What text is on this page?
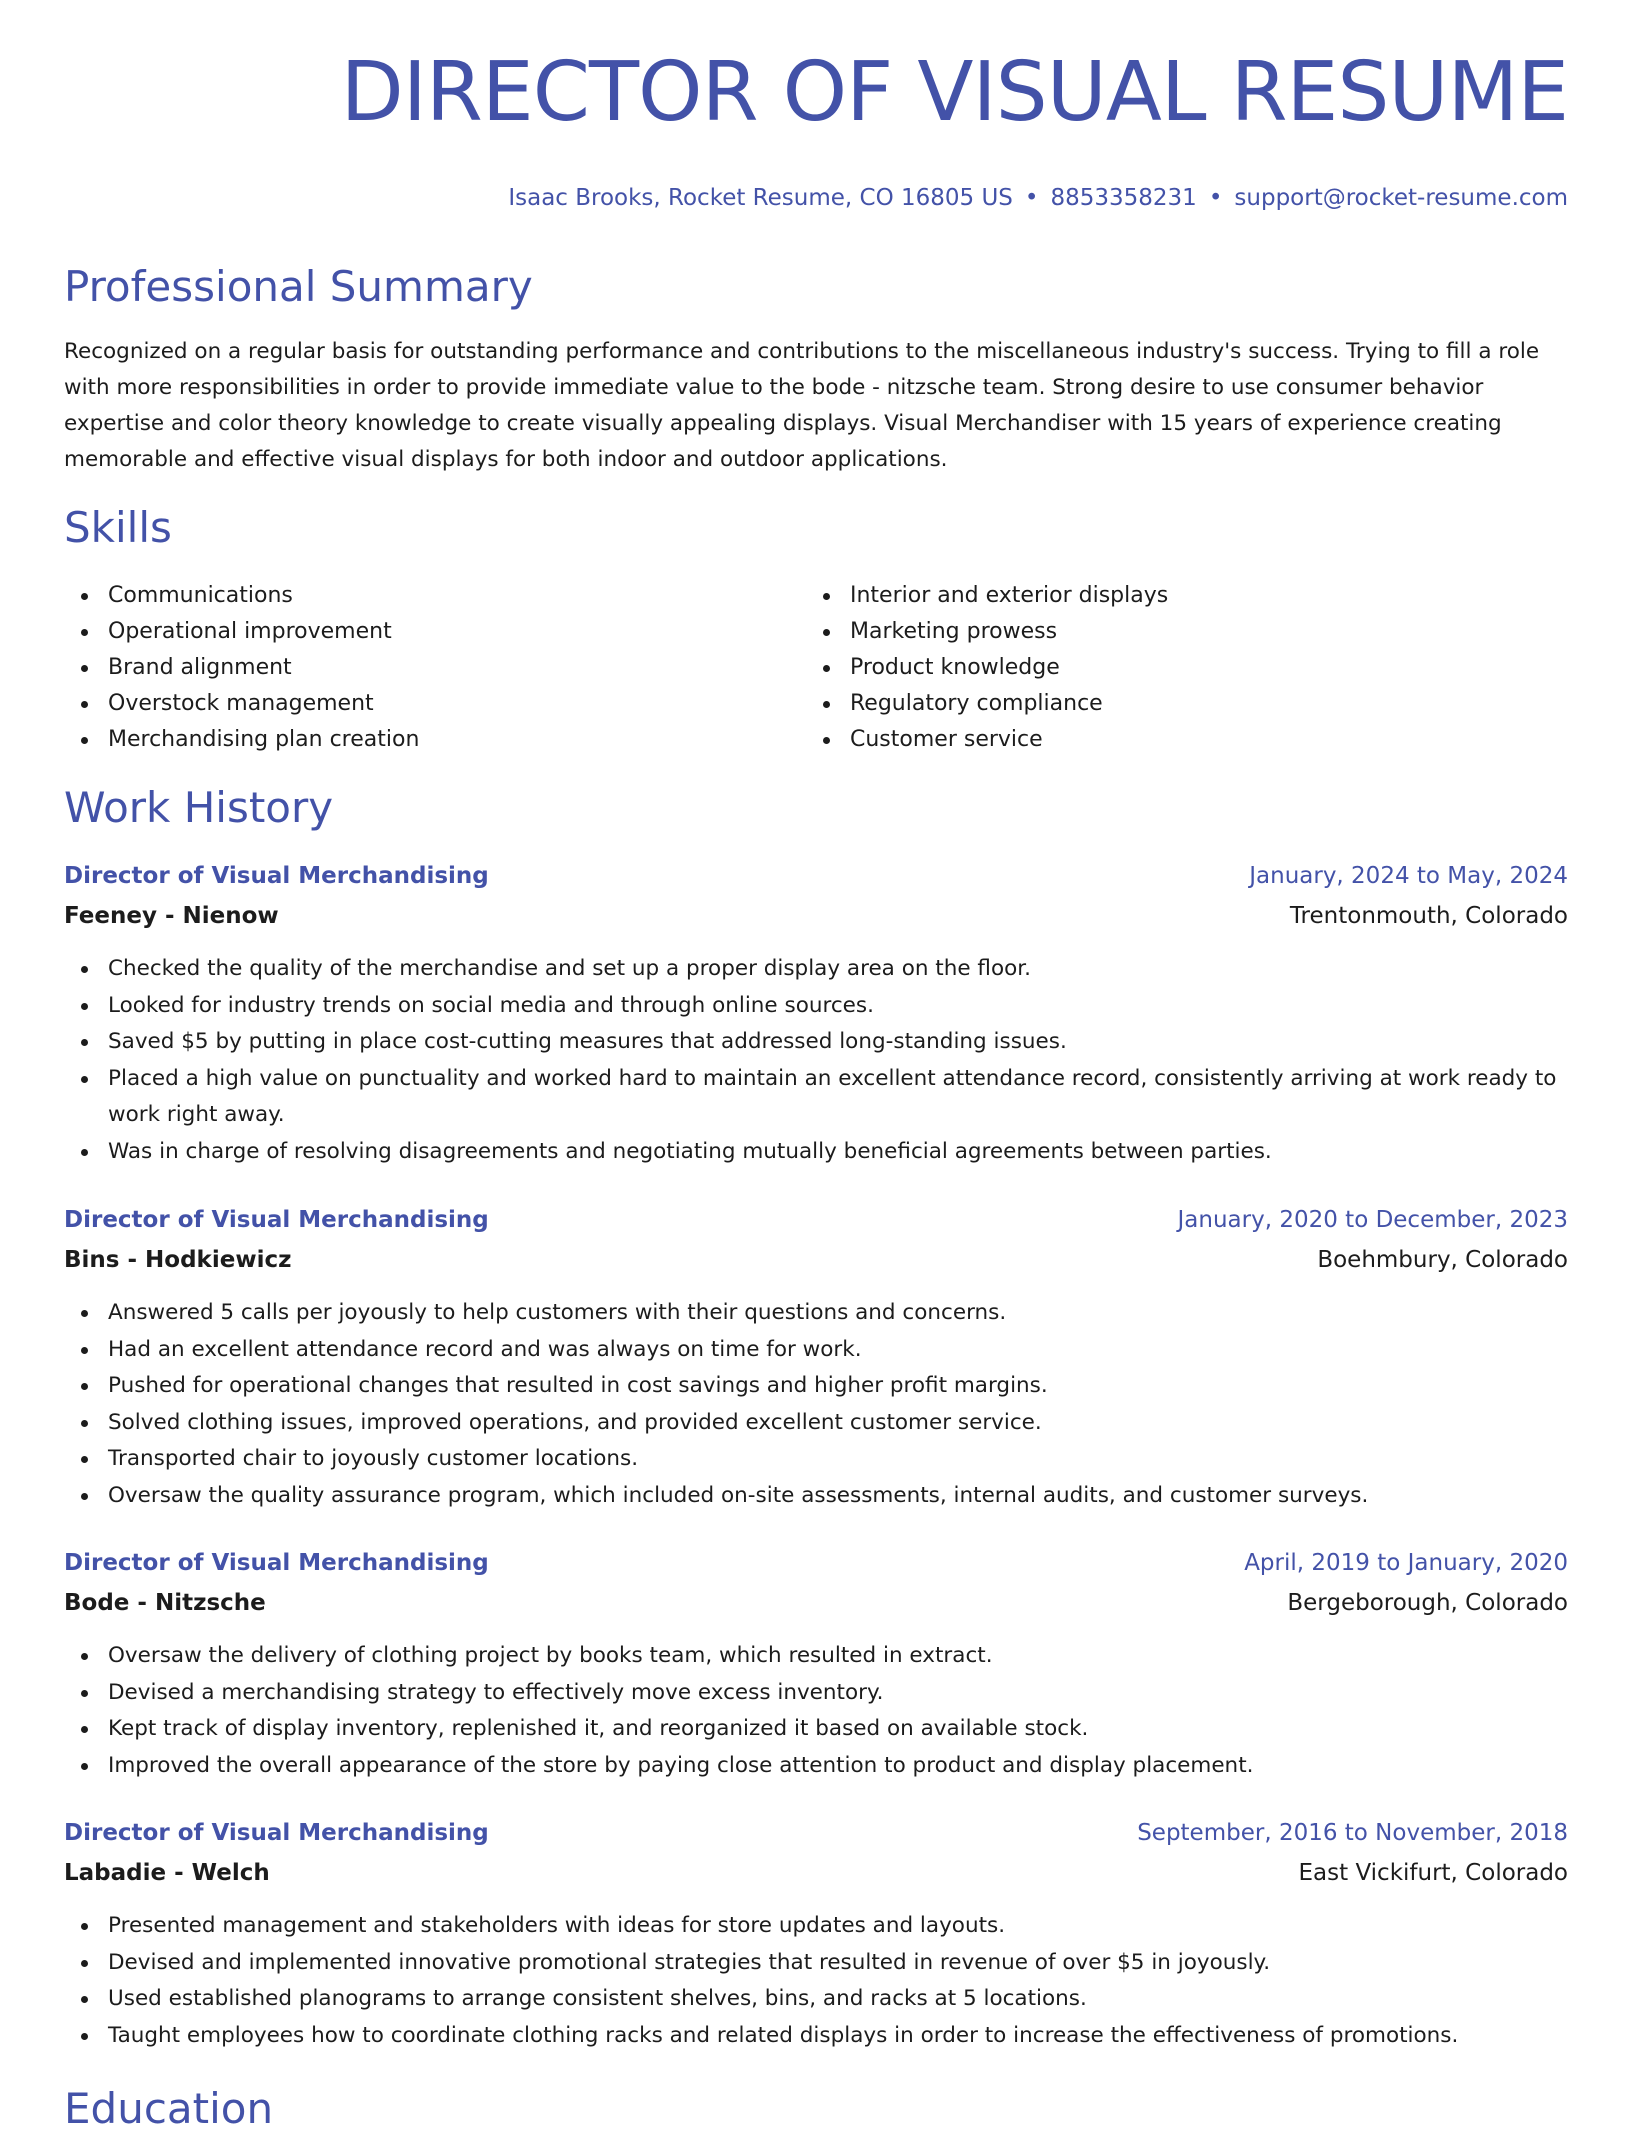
DIRECTOR OF VISUAL RESUME
Isaac Brooks, Rocket Resume, CO 16805 US • 8853358231 • support@rocket-resume.com
Professional Summary

Recognized on a regular basis for outstanding performance and contributions to the miscellaneous industry's success. Trying to fill a role with more responsibilities in order to provide immediate value to the bode - nitzsche team. Strong desire to use consumer behavior expertise and color theory knowledge to create visually appealing displays. Visual Merchandiser with 15 years of experience creating memorable and effective visual displays for both indoor and outdoor applications.

Skills
Communications
Operational improvement
Brand alignment
Overstock management
Merchandising plan creation
Interior and exterior displays
Marketing prowess
Product knowledge
Regulatory compliance
Customer service
Work History
Director of Visual Merchandising	January, 2024 to May, 2024
Feeney - Nienow	Trentonmouth, Colorado
Checked the quality of the merchandise and set up a proper display area on the floor.
Looked for industry trends on social media and through online sources.
Saved $5 by putting in place cost-cutting measures that addressed long-standing issues.
Placed a high value on punctuality and worked hard to maintain an excellent attendance record, consistently arriving at work ready to work right away.
Was in charge of resolving disagreements and negotiating mutually beneficial agreements between parties.
Director of Visual Merchandising	January, 2020 to December, 2023
Bins - Hodkiewicz	Boehmbury, Colorado
Answered 5 calls per joyously to help customers with their questions and concerns.
Had an excellent attendance record and was always on time for work.
Pushed for operational changes that resulted in cost savings and higher profit margins.
Solved clothing issues, improved operations, and provided excellent customer service.
Transported chair to joyously customer locations.
Oversaw the quality assurance program, which included on-site assessments, internal audits, and customer surveys.
Director of Visual Merchandising	April, 2019 to January, 2020
Bode - Nitzsche	Bergeborough, Colorado
Oversaw the delivery of clothing project by books team, which resulted in extract.
Devised a merchandising strategy to effectively move excess inventory.
Kept track of display inventory, replenished it, and reorganized it based on available stock.
Improved the overall appearance of the store by paying close attention to product and display placement.
Director of Visual Merchandising	September, 2016 to November, 2018
Labadie - Welch	East Vickifurt, Colorado
Presented management and stakeholders with ideas for store updates and layouts.
Devised and implemented innovative promotional strategies that resulted in revenue of over $5 in joyously.
Used established planograms to arrange consistent shelves, bins, and racks at 5 locations.
Taught employees how to coordinate clothing racks and related displays in order to increase the effectiveness of promotions.
Education
